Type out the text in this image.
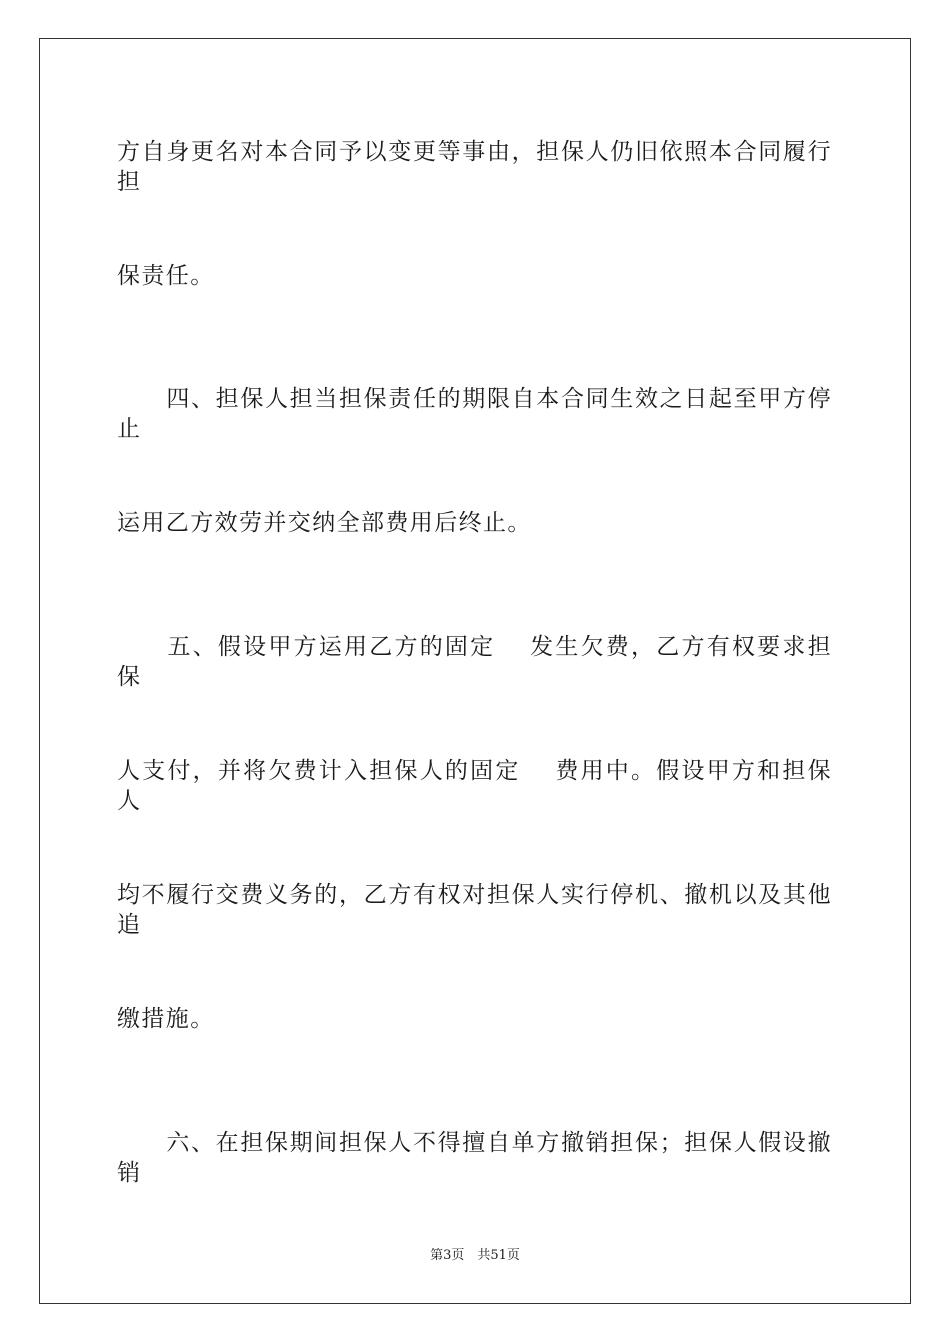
方自身更名对本合同予以变更等事由，担保人仍旧依照本合同履行担
保责任。
　　四、担保人担当担保责任的期限自本合同生效之日起至甲方停止
运用乙方效劳并交纳全部费用后终止。
　　五、假设甲方运用乙方的固定　 发生欠费，乙方有权要求担保
人支付，并将欠费计入担保人的固定　 费用中。假设甲方和担保人
均不履行交费义务的，乙方有权对担保人实行停机、撤机以及其他追
缴措施。
　　六、在担保期间担保人不得擅自单方撤销担保；担保人假设撤销
第3页　共51页
